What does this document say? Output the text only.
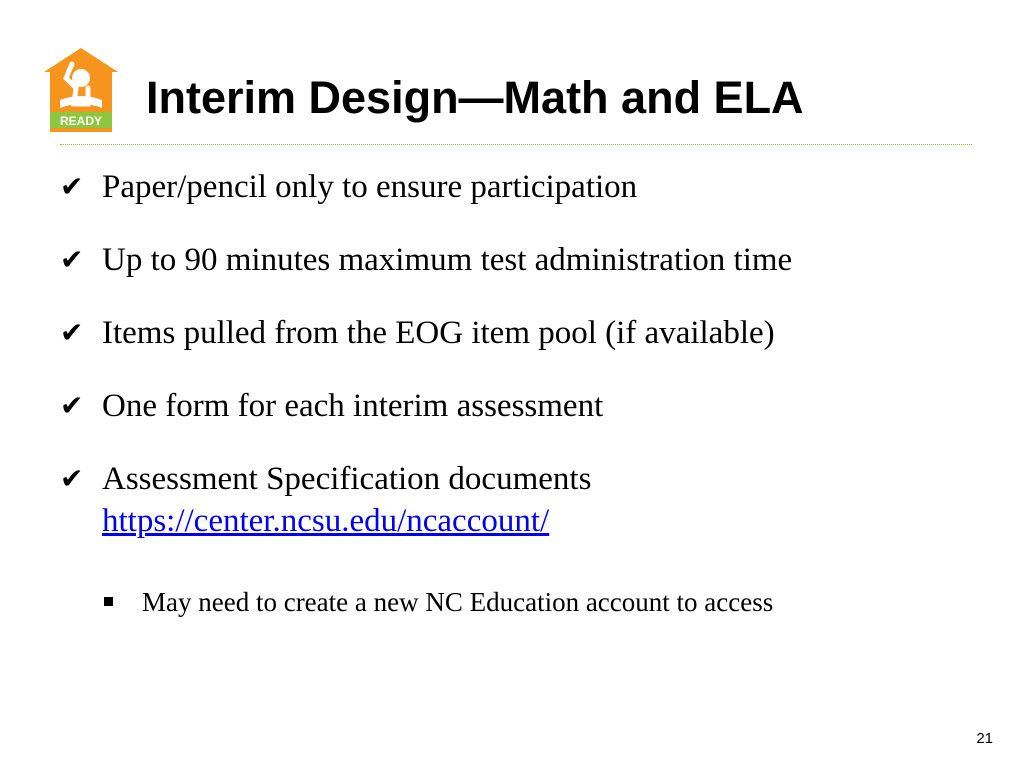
READY Interim Design—Math and ELA
✔ Paper/pencil only to ensure participation
✔ Up to 90 minutes maximum test administration time
✔ Items pulled from the EOG item pool (if available)
✔ One form for each interim assessment
✔ Assessment Specification documents
https://center.ncsu.edu/ncaccount/
May need to create a new NC Education account to access
21
